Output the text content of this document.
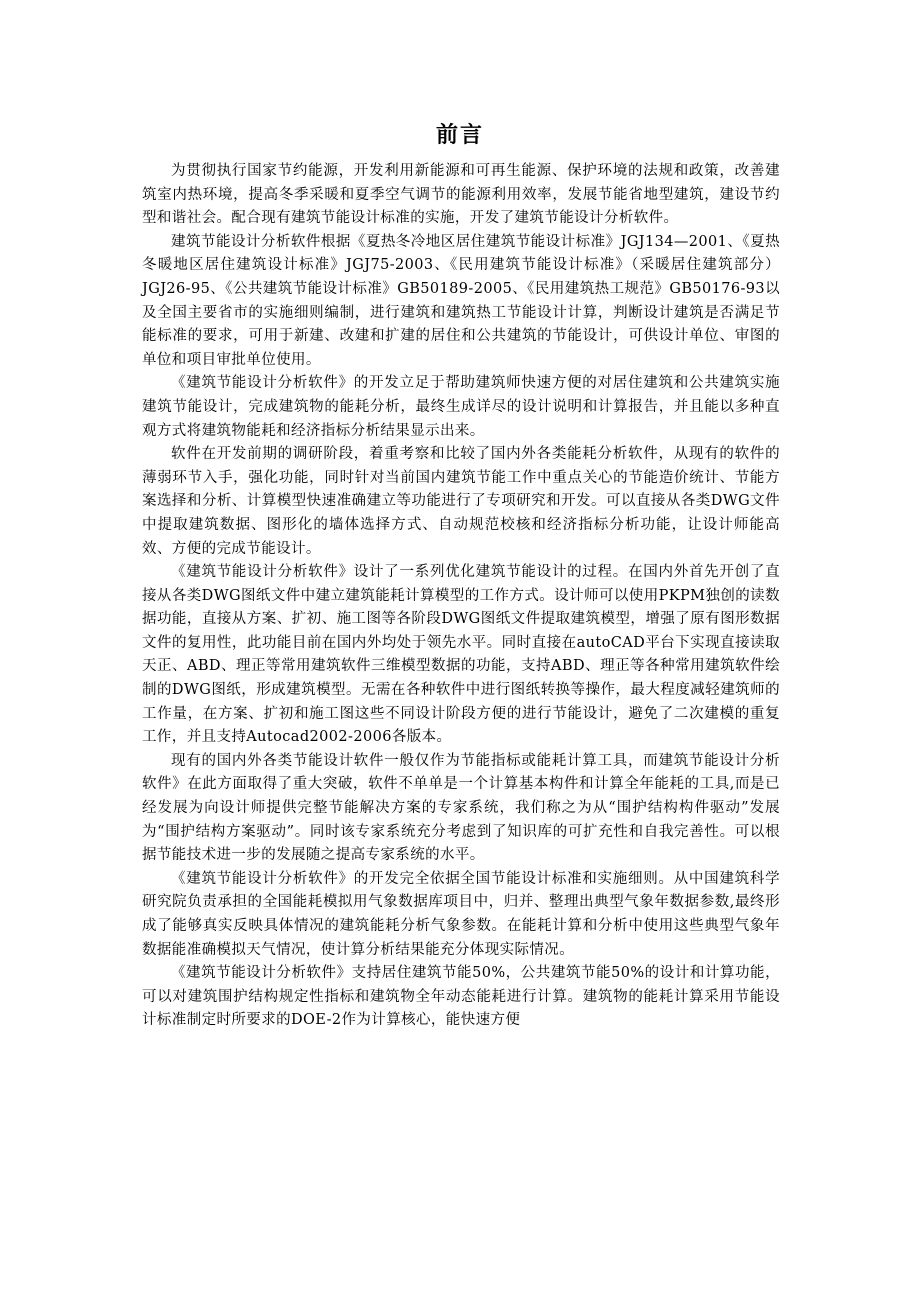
前言

为贯彻执行国家节约能源，开发利用新能源和可再生能源、保护环境的法规和政策，改善建筑室内热环境，提高冬季采暖和夏季空气调节的能源利用效率，发展节能省地型建筑，建设节约型和谐社会。配合现有建筑节能设计标准的实施，开发了建筑节能设计分析软件。

建筑节能设计分析软件根据《夏热冬冷地区居住建筑节能设计标准》JGJ134—2001、《夏热冬暖地区居住建筑设计标准》JGJ75-2003、《民用建筑节能设计标准》（采暖居住建筑部分）JGJ26-95、《公共建筑节能设计标准》GB50189-2005、《民用建筑热工规范》GB50176-93以及全国主要省市的实施细则编制，进行建筑和建筑热工节能设计计算，判断设计建筑是否满足节能标准的要求，可用于新建、改建和扩建的居住和公共建筑的节能设计，可供设计单位、审图的单位和项目审批单位使用。

《建筑节能设计分析软件》的开发立足于帮助建筑师快速方便的对居住建筑和公共建筑实施建筑节能设计，完成建筑物的能耗分析，最终生成详尽的设计说明和计算报告，并且能以多种直观方式将建筑物能耗和经济指标分析结果显示出来。

软件在开发前期的调研阶段，着重考察和比较了国内外各类能耗分析软件，从现有的软件的薄弱环节入手，强化功能，同时针对当前国内建筑节能工作中重点关心的节能造价统计、节能方案选择和分析、计算模型快速准确建立等功能进行了专项研究和开发。可以直接从各类DWG文件中提取建筑数据、图形化的墙体选择方式、自动规范校核和经济指标分析功能，让设计师能高效、方便的完成节能设计。

《建筑节能设计分析软件》设计了一系列优化建筑节能设计的过程。在国内外首先开创了直接从各类DWG图纸文件中建立建筑能耗计算模型的工作方式。设计师可以使用PKPM独创的读数据功能，直接从方案、扩初、施工图等各阶段DWG图纸文件提取建筑模型，增强了原有图形数据文件的复用性，此功能目前在国内外均处于领先水平。同时直接在autoCAD平台下实现直接读取天正、ABD、理正等常用建筑软件三维模型数据的功能，支持ABD、理正等各种常用建筑软件绘制的DWG图纸，形成建筑模型。无需在各种软件中进行图纸转换等操作，最大程度减轻建筑师的工作量，在方案、扩初和施工图这些不同设计阶段方便的进行节能设计，避免了二次建模的重复工作，并且支持Autocad2002-2006各版本。

现有的国内外各类节能设计软件一般仅作为节能指标或能耗计算工具，而建筑节能设计分析软件》在此方面取得了重大突破，软件不单单是一个计算基本构件和计算全年能耗的工具,而是已经发展为向设计师提供完整节能解决方案的专家系统，我们称之为从“围护结构构件驱动”发展为“围护结构方案驱动”。同时该专家系统充分考虑到了知识库的可扩充性和自我完善性。可以根据节能技术进一步的发展随之提高专家系统的水平。

《建筑节能设计分析软件》的开发完全依据全国节能设计标准和实施细则。从中国建筑科学研究院负责承担的全国能耗模拟用气象数据库项目中，归并、整理出典型气象年数据参数,最终形成了能够真实反映具体情况的建筑能耗分析气象参数。在能耗计算和分析中使用这些典型气象年数据能准确模拟天气情况，使计算分析结果能充分体现实际情况。

《建筑节能设计分析软件》支持居住建筑节能50%，公共建筑节能50%的设计和计算功能，可以对建筑围护结构规定性指标和建筑物全年动态能耗进行计算。建筑物的能耗计算采用节能设计标准制定时所要求的DOE-2作为计算核心，能快速方便
